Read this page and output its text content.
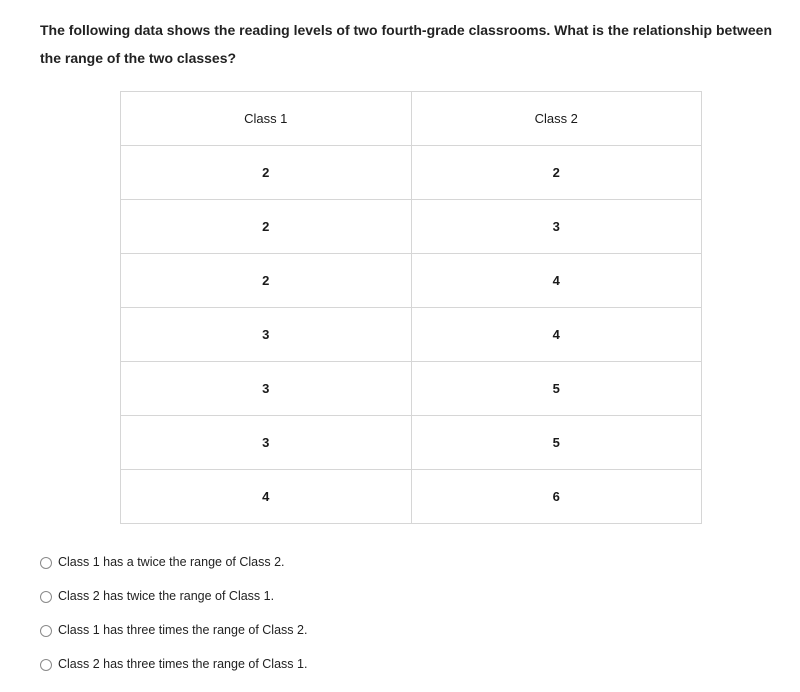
The following data shows the reading levels of two fourth-grade classrooms. What is the relationship between the range of the two classes?
Class 1	Class 2
2	2
2	3
2	4
3	4
3	5
3	5
4	6
Class 1 has a twice the range of Class 2.
Class 2 has twice the range of Class 1.
Class 1 has three times the range of Class 2.
Class 2 has three times the range of Class 1.
